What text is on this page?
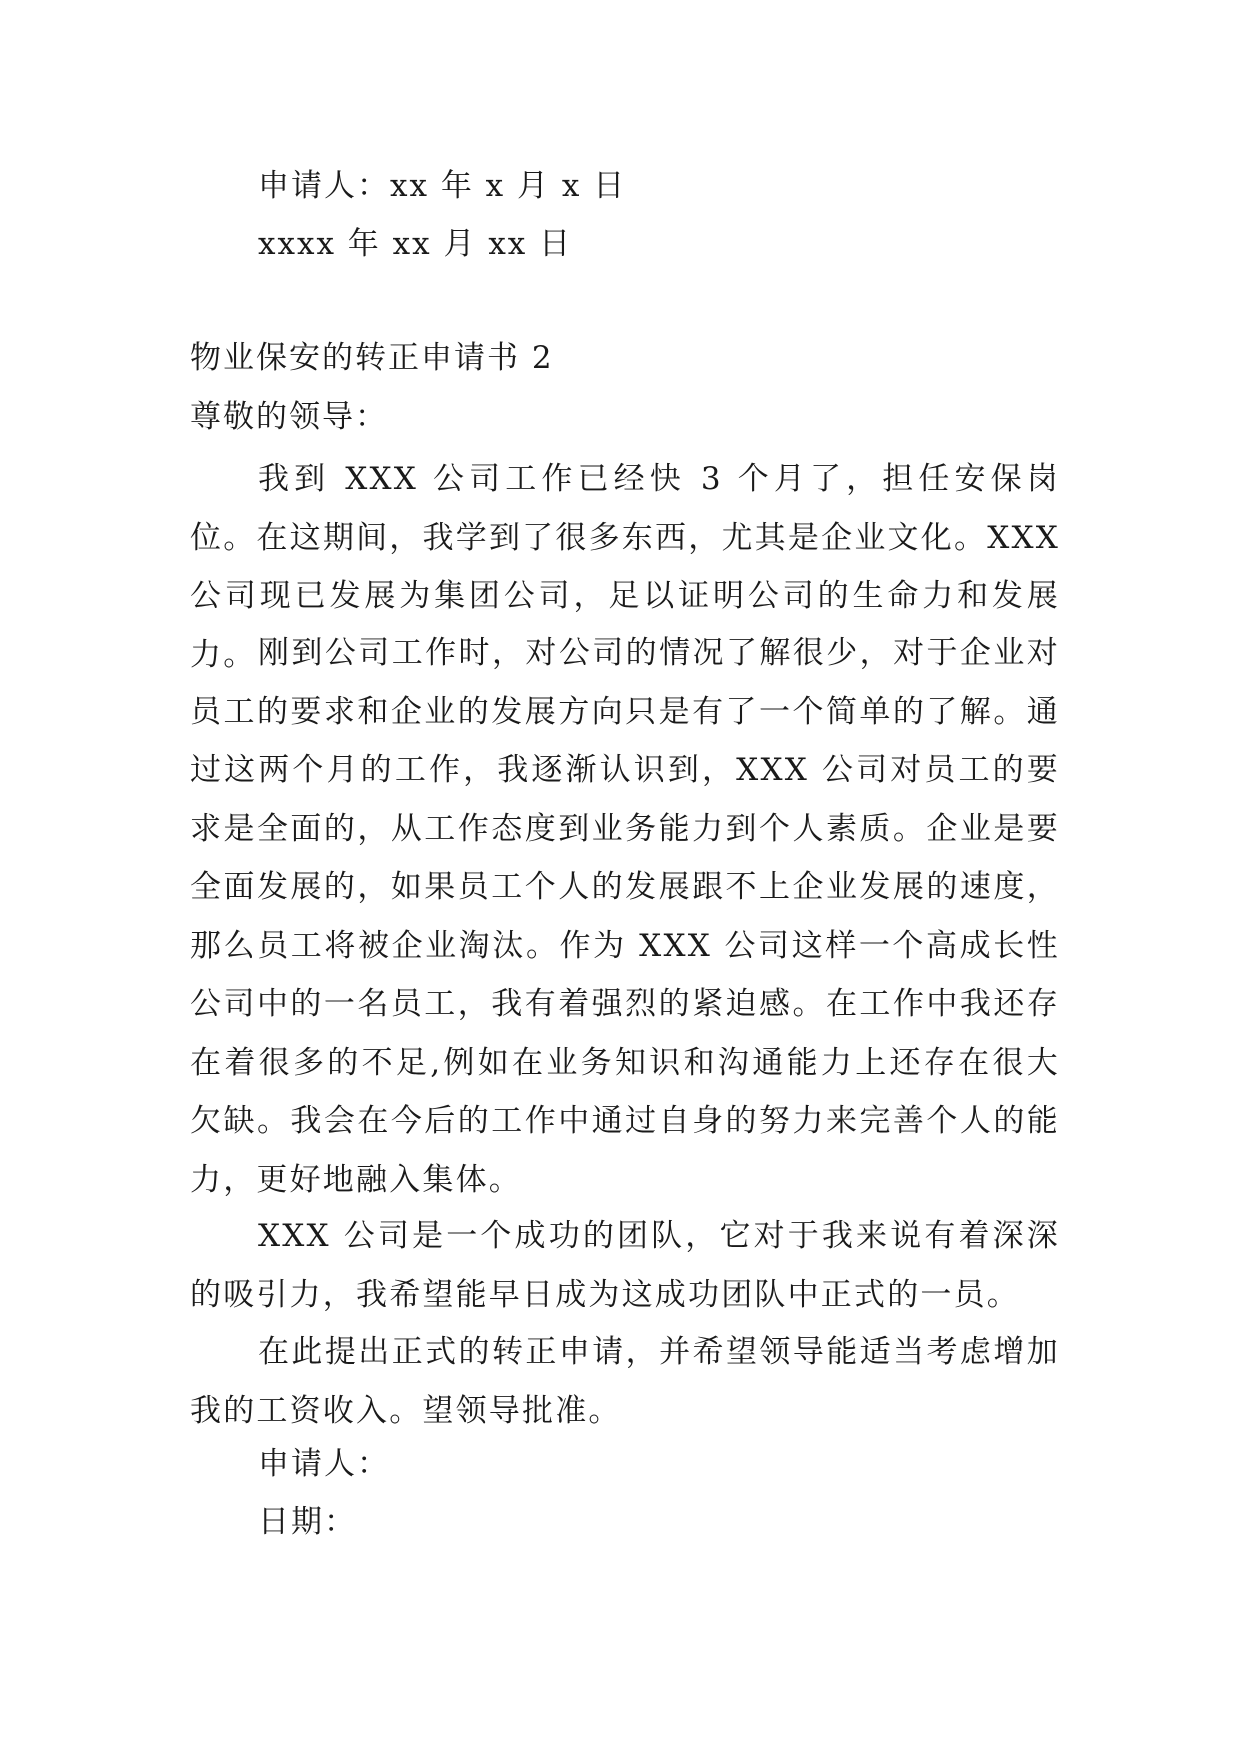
申请人：xx 年 x 月 x 日
xxxx 年 xx 月 xx 日
物业保安的转正申请书 2
尊敬的领导：
我到 XXX 公司工作已经快 3 个月了，担任安保岗位。在这期间，我学到了很多东西，尤其是企业文化。XXX 公司现已发展为集团公司，足以证明公司的生命力和发展力。 刚到公司工作时，对公司的情况了解很少，对于企业对员工的要求和企业的发展方向只是有了一个简单的了解。通过这两个月的工作，我逐渐认识到，XXX 公司对员工的要求是全面的，从工作态度到业务能力到个人素质。企业是要全面发展的，如果员工个人的发展跟不上企业发展的速度，那么员工将被企业淘汰。作为 XXX 公司这样一个高成长性公司中的一名员工，我有着强烈的紧迫感。在工作中我还存在着很多的不足,例如在业务知识和沟通能力上还存在很大欠缺。我会在今后的工作中通过自身的努力来完善个人的能力，更好地融入集体。
XXX 公司是一个成功的团队，它对于我来说有着深深的吸引力，我希望能早日成为这成功团队中正式的一员。
在此提出正式的转正申请，并希望领导能适当考虑增加我的工资收入。望领导批准。
申请人：
日期：
